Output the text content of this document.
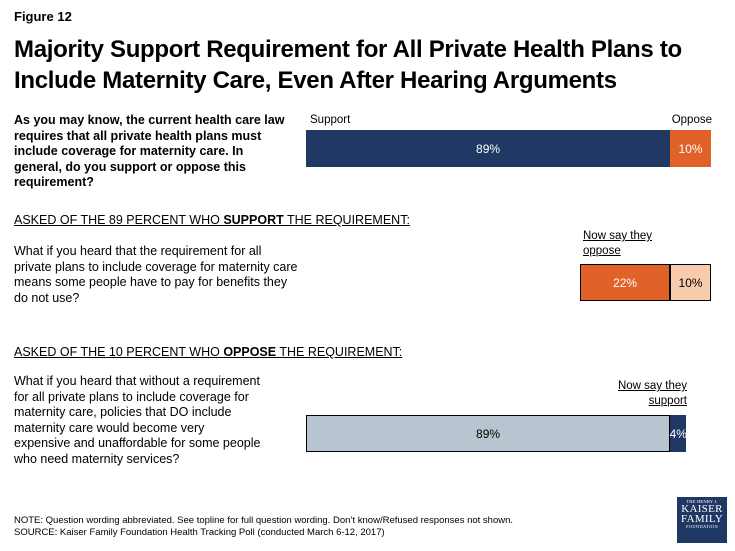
Figure 12
Majority Support Requirement for All Private Health Plans to Include Maternity Care, Even After Hearing Arguments
As you may know, the current health care law requires that all private health plans must include coverage for maternity care. In general, do you support or oppose this requirement?
Support	Oppose
89%	10%
ASKED OF THE 89 PERCENT WHO SUPPORT THE REQUIREMENT:
What if you heard that the requirement for all private plans to include coverage for maternity care means some people have to pay for benefits they do not use?
Now say they
oppose
22%	10%
ASKED OF THE 10 PERCENT WHO OPPOSE THE REQUIREMENT:
What if you heard that without a requirement for all private plans to include coverage for maternity care, policies that DO include maternity care would become very expensive and unaffordable for some people who need maternity services?
Now say they
support
89%	4%
NOTE: Question wording abbreviated. See topline for full question wording. Don’t know/Refused responses not shown.
SOURCE: Kaiser Family Foundation Health Tracking Poll (conducted March 6-12, 2017)
THE HENRY J.
KAISER
FAMILY
FOUNDATION
